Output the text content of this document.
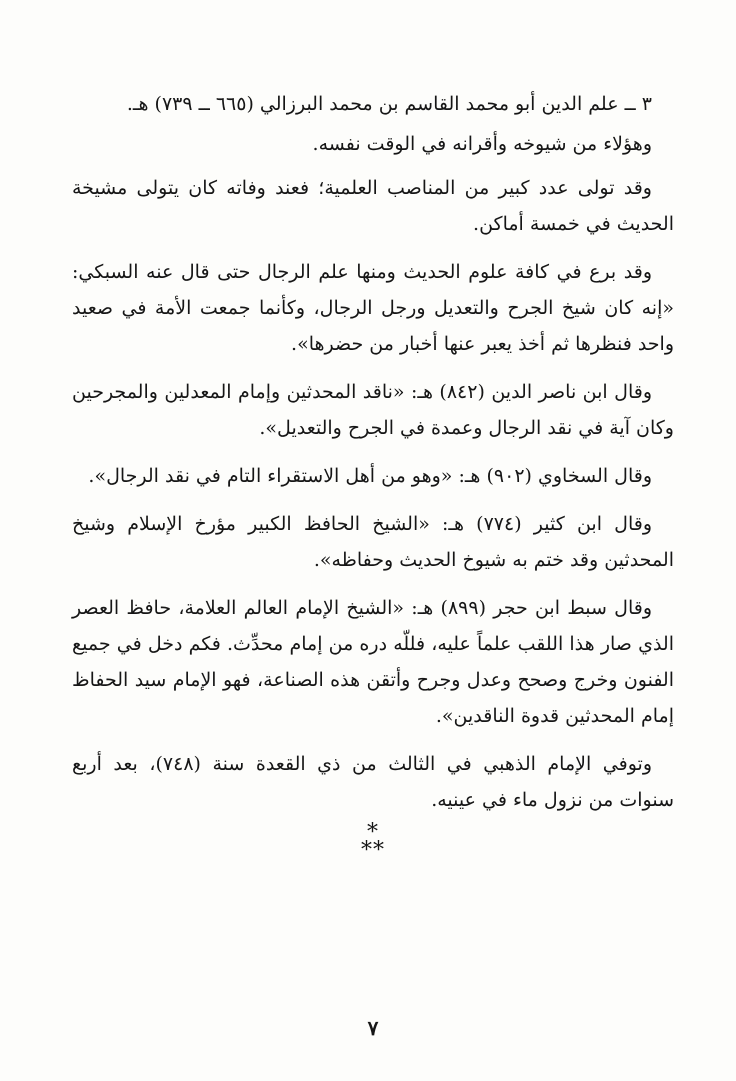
٣ ــ علم الدين أبو محمد القاسم بن محمد البرزالي (٦٦٥ ــ ٧٣٩) هـ.

وهؤلاء من شيوخه وأقرانه في الوقت نفسه.

وقد تولى عدد كبير من المناصب العلمية؛ فعند وفاته كان يتولى مشيخة الحديث في خمسة أماكن.

وقد برع في كافة علوم الحديث ومنها علم الرجال حتى قال عنه السبكي: «إنه كان شيخ الجرح والتعديل ورجل الرجال، وكأنما جمعت الأمة في صعيد واحد فنظرها ثم أخذ يعبر عنها أخبار من حضرها».

وقال ابن ناصر الدين (٨٤٢) هـ: «ناقد المحدثين وإمام المعدلين والمجرحين وكان آية في نقد الرجال وعمدة في الجرح والتعديل».

وقال السخاوي (٩٠٢) هـ: «وهو من أهل الاستقراء التام في نقد الرجال».

وقال ابن كثير (٧٧٤) هـ: «الشيخ الحافظ الكبير مؤرخ الإسلام وشيخ المحدثين وقد ختم به شيوخ الحديث وحفاظه».

وقال سبط ابن حجر (٨٩٩) هـ: «الشيخ الإمام العالم العلامة، حافظ العصر الذي صار هذا اللقب علماً عليه، فللّه دره من إمام محدِّث. فكم دخل في جميع الفنون وخرج وصحح وعدل وجرح وأتقن هذه الصناعة، فهو الإمام سيد الحفاظ إمام المحدثين قدوة الناقدين».

وتوفي الإمام الذهبي في الثالث من ذي القعدة سنة (٧٤٨)، بعد أربع سنوات من نزول ماء في عينيه.

*
**
٧
